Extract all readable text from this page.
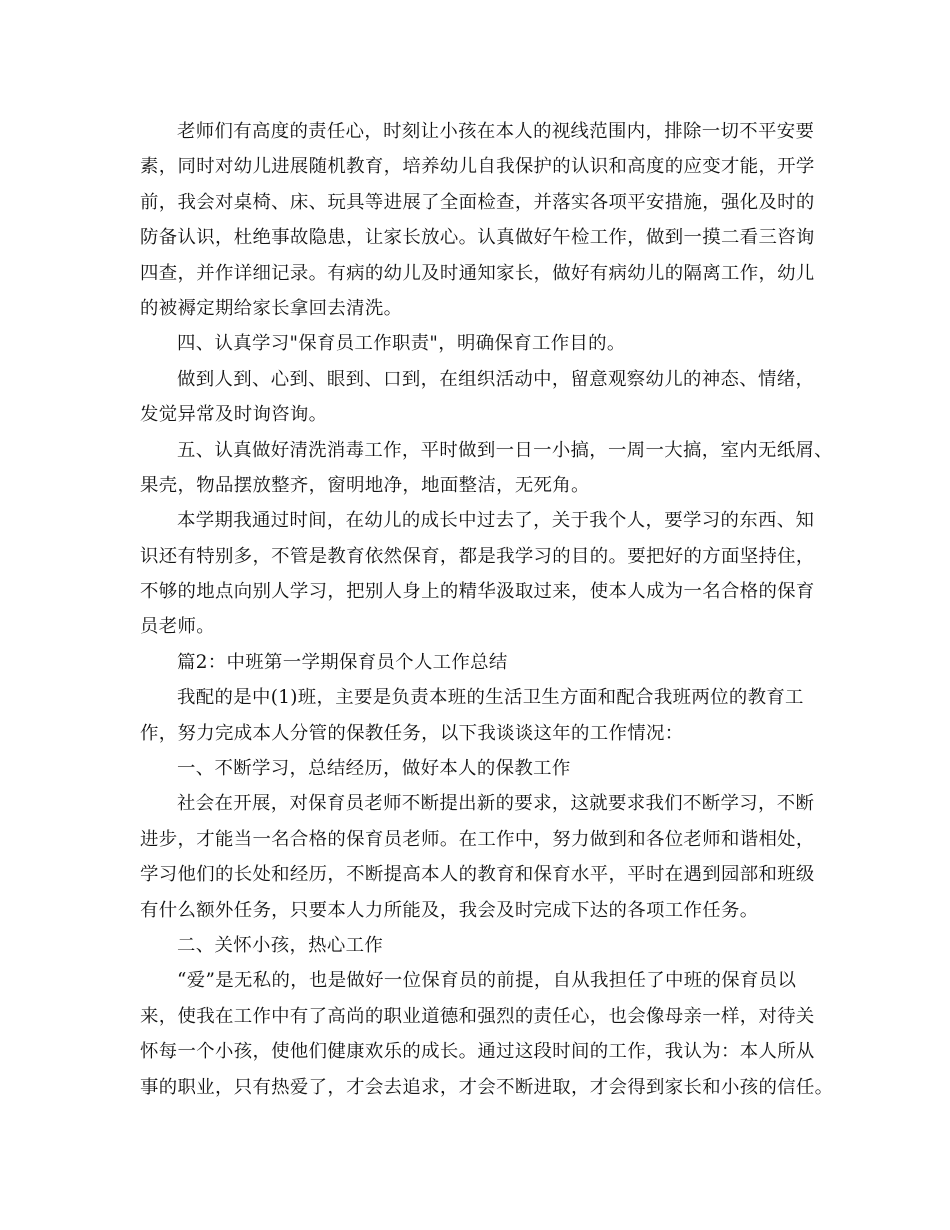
老师们有高度的责任心，时刻让小孩在本人的视线范围内，排除一切不平安要
素，同时对幼儿进展随机教育，培养幼儿自我保护的认识和高度的应变才能，开学
前，我会对桌椅、床、玩具等进展了全面检查，并落实各项平安措施，强化及时的
防备认识，杜绝事故隐患，让家长放心。认真做好午检工作，做到一摸二看三咨询
四查，并作详细记录。有病的幼儿及时通知家长，做好有病幼儿的隔离工作，幼儿
的被褥定期给家长拿回去清洗。
四、认真学习"保育员工作职责"，明确保育工作目的。
做到人到、心到、眼到、口到，在组织活动中，留意观察幼儿的神态、情绪，
发觉异常及时询咨询。
五、认真做好清洗消毒工作，平时做到一日一小搞，一周一大搞，室内无纸屑、
果壳，物品摆放整齐，窗明地净，地面整洁，无死角。
本学期我通过时间，在幼儿的成长中过去了，关于我个人，要学习的东西、知
识还有特别多，不管是教育依然保育，都是我学习的目的。要把好的方面坚持住，
不够的地点向别人学习，把别人身上的精华汲取过来，使本人成为一名合格的保育
员老师。
篇2：中班第一学期保育员个人工作总结
我配的是中(1)班，主要是负责本班的生活卫生方面和配合我班两位的教育工
作，努力完成本人分管的保教任务，以下我谈谈这年的工作情况：
一、不断学习，总结经历，做好本人的保教工作
社会在开展，对保育员老师不断提出新的要求，这就要求我们不断学习，不断
进步，才能当一名合格的保育员老师。在工作中，努力做到和各位老师和谐相处，
学习他们的长处和经历，不断提高本人的教育和保育水平，平时在遇到园部和班级
有什么额外任务，只要本人力所能及，我会及时完成下达的各项工作任务。
二、关怀小孩，热心工作
“爱”是无私的，也是做好一位保育员的前提，自从我担任了中班的保育员以
来，使我在工作中有了高尚的职业道德和强烈的责任心，也会像母亲一样，对待关
怀每一个小孩，使他们健康欢乐的成长。通过这段时间的工作，我认为：本人所从
事的职业，只有热爱了，才会去追求，才会不断进取，才会得到家长和小孩的信任。
